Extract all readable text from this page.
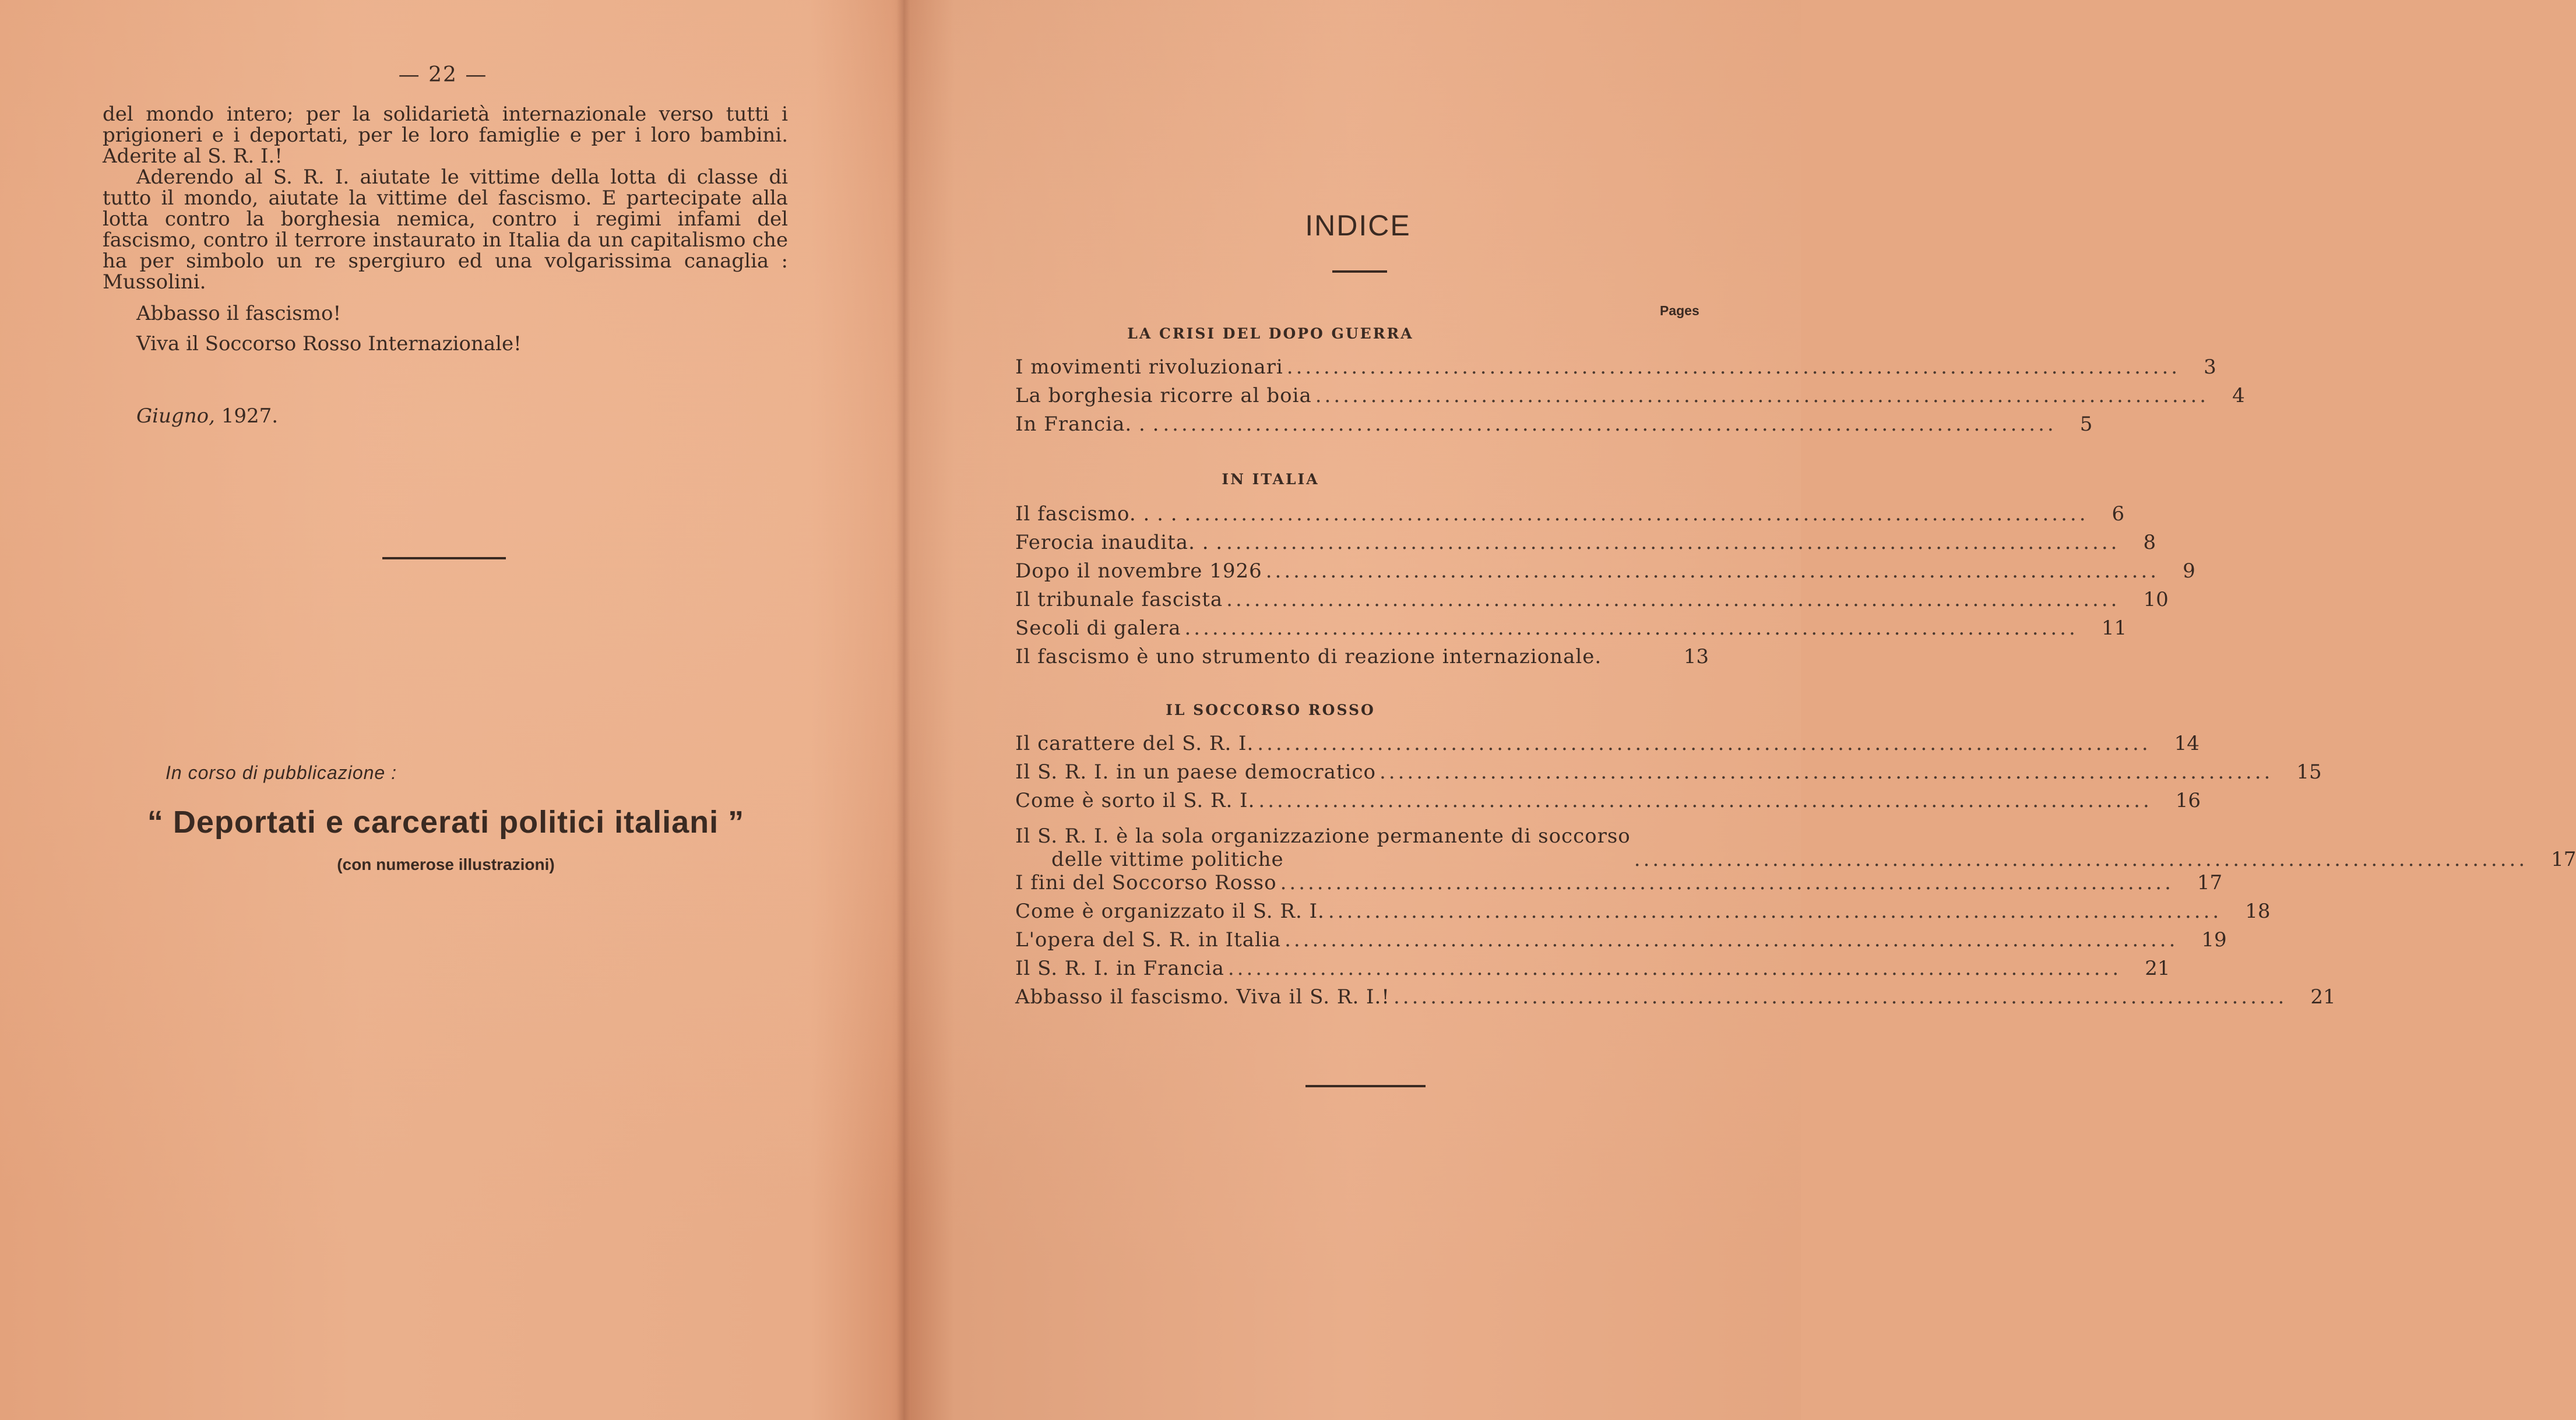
— 22 —

del mondo intero; per la solidarietà internazionale verso tutti i prigioneri e i deportati, per le loro famiglie e per i loro bambini. Aderite al S. R. I.!

Aderendo al S. R. I. aiutate le vittime della lotta di classe di tutto il mondo, aiutate la vittime del fascismo. E partecipate alla lotta contro la borghesia nemica, contro i regimi infami del fascismo, contro il terrore instaurato in Italia da un capitalismo che ha per simbolo un re spergiuro ed una volgarissima canaglia : Mussolini.

Abbasso il fascismo!
Viva il Soccorso Rosso Internazionale!
Giugno, 1927.
In corso di pubblicazione :
“ Deportati e carcerati politici italiani ”
(con numerose illustrazioni)
INDICE
Pages
LA CRISI DEL DOPO GUERRA
I movimenti rivoluzionari ................................................................................................. 3
La borghesia ricorre al boia ................................................................................................. 4
In Francia. . . ................................................................................................. 5
IN ITALIA
Il fascismo. . . . . ................................................................................................. 6
Ferocia inaudita. . . ................................................................................................. 8
Dopo il novembre 1926 ................................................................................................. 9
Il tribunale fascista ................................................................................................. 10
Secoli di galera ................................................................................................. 11
Il fascismo è uno strumento di reazione internazionale.	13
IL SOCCORSO ROSSO
Il carattere del S. R. I. ................................................................................................. 14
Il S. R. I. in un paese democratico ................................................................................................. 15
Come è sorto il S. R. I. ................................................................................................. 16
Il S. R. I. è la sola organizzazione permanente di soccorso
delle vittime politiche	................................................................................................. 17
I fini del Soccorso Rosso ................................................................................................. 17
Come è organizzato il S. R. I. ................................................................................................. 18
L'opera del S. R. in Italia ................................................................................................. 19
Il S. R. I. in Francia ................................................................................................. 21
Abbasso il fascismo. Viva il S. R. I.! ................................................................................................. 21
